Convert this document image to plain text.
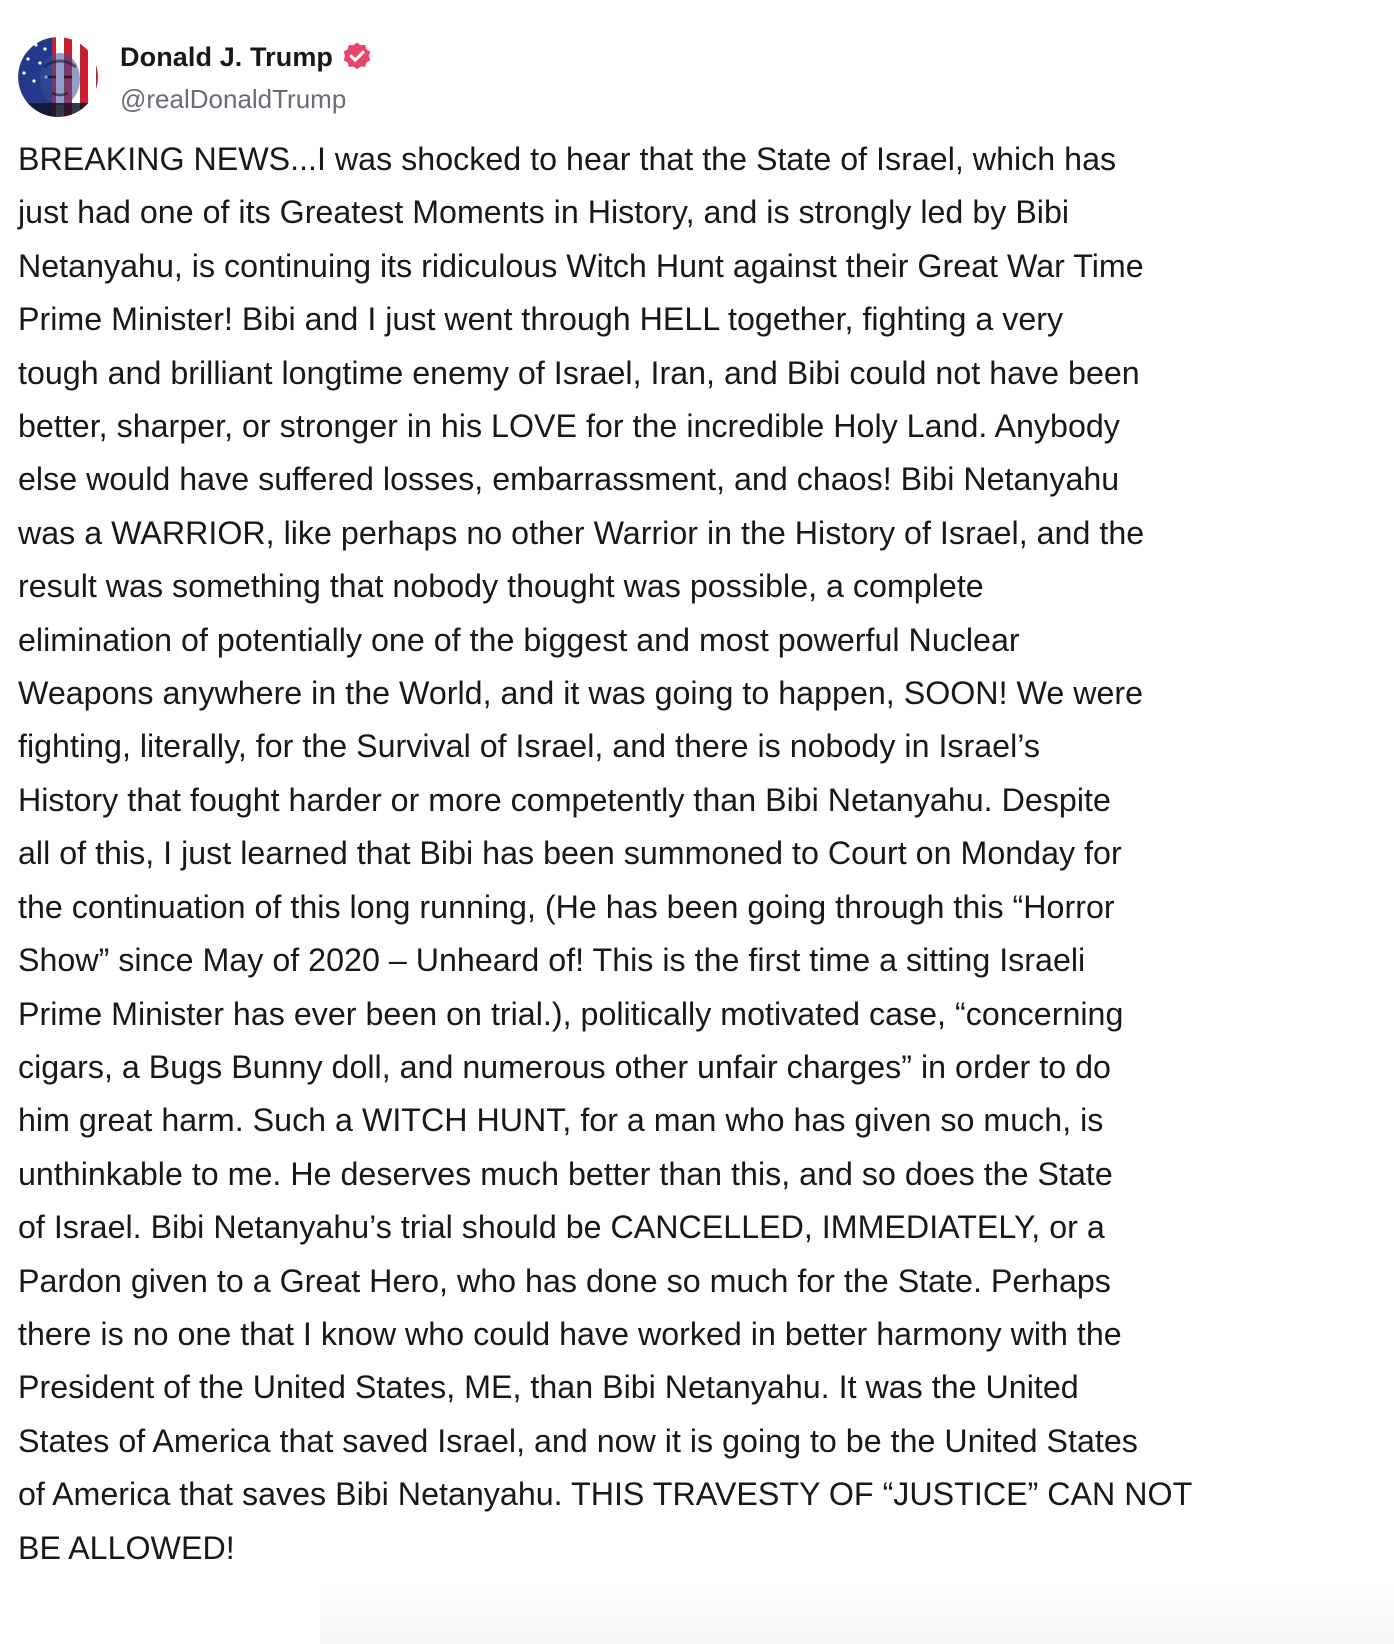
Donald J. Trump
@realDonaldTrump

BREAKING NEWS...I was shocked to hear that the State of Israel, which has
just had one of its Greatest Moments in History, and is strongly led by Bibi
Netanyahu, is continuing its ridiculous Witch Hunt against their Great War Time
Prime Minister! Bibi and I just went through HELL together, fighting a very
tough and brilliant longtime enemy of Israel, Iran, and Bibi could not have been
better, sharper, or stronger in his LOVE for the incredible Holy Land. Anybody
else would have suffered losses, embarrassment, and chaos! Bibi Netanyahu
was a WARRIOR, like perhaps no other Warrior in the History of Israel, and the
result was something that nobody thought was possible, a complete
elimination of potentially one of the biggest and most powerful Nuclear
Weapons anywhere in the World, and it was going to happen, SOON! We were
fighting, literally, for the Survival of Israel, and there is nobody in Israel’s
History that fought harder or more competently than Bibi Netanyahu. Despite
all of this, I just learned that Bibi has been summoned to Court on Monday for
the continuation of this long running, (He has been going through this “Horror
Show” since May of 2020 – Unheard of! This is the first time a sitting Israeli
Prime Minister has ever been on trial.), politically motivated case, “concerning
cigars, a Bugs Bunny doll, and numerous other unfair charges” in order to do
him great harm. Such a WITCH HUNT, for a man who has given so much, is
unthinkable to me. He deserves much better than this, and so does the State
of Israel. Bibi Netanyahu’s trial should be CANCELLED, IMMEDIATELY, or a
Pardon given to a Great Hero, who has done so much for the State. Perhaps
there is no one that I know who could have worked in better harmony with the
President of the United States, ME, than Bibi Netanyahu. It was the United
States of America that saved Israel, and now it is going to be the United States
of America that saves Bibi Netanyahu. THIS TRAVESTY OF “JUSTICE” CAN NOT
BE ALLOWED!
